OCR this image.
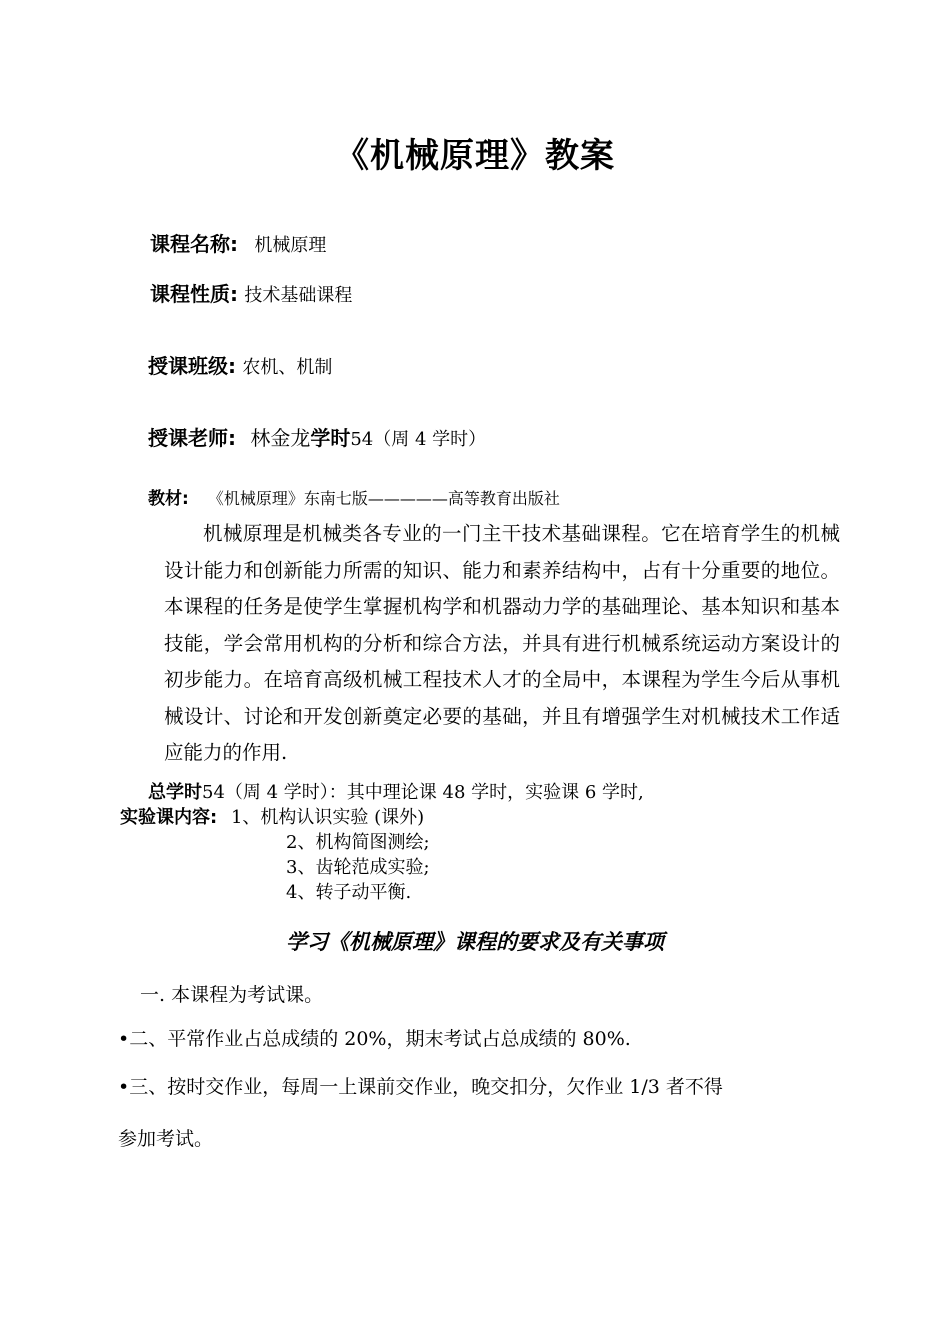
《机械原理》教案
课程名称: 机械原理
课程性质: 技术基础课程
授课班级: 农机、机制
授课老师: 林金龙学时54（周 4 学时）
教材: 《机械原理》东南七版—————高等教育出版社
机械原理是机械类各专业的一门主干技术基础课程。它在培育学生的机械设计能力和创新能力所需的知识、能力和素养结构中，占有十分重要的地位。本课程的任务是使学生掌握机构学和机器动力学的基础理论、基本知识和基本技能，学会常用机构的分析和综合方法，并具有进行机械系统运动方案设计的初步能力。在培育高级机械工程技术人才的全局中，本课程为学生今后从事机械设计、讨论和开发创新奠定必要的基础，并且有增强学生对机械技术工作适应能力的作用.
总学时54（周 4 学时）：其中理论课 48 学时，实验课 6 学时,
实验课内容: 1、机构认识实验 (课外)
2、机构简图测绘;
3、齿轮范成实验;
4、转子动平衡.
学习《机械原理》课程的要求及有关事项
一. 本课程为考试课。
•二、平常作业占总成绩的 20%，期末考试占总成绩的 80%.
•三、按时交作业，每周一上课前交作业，晚交扣分，欠作业 1/3 者不得
参加考试。
